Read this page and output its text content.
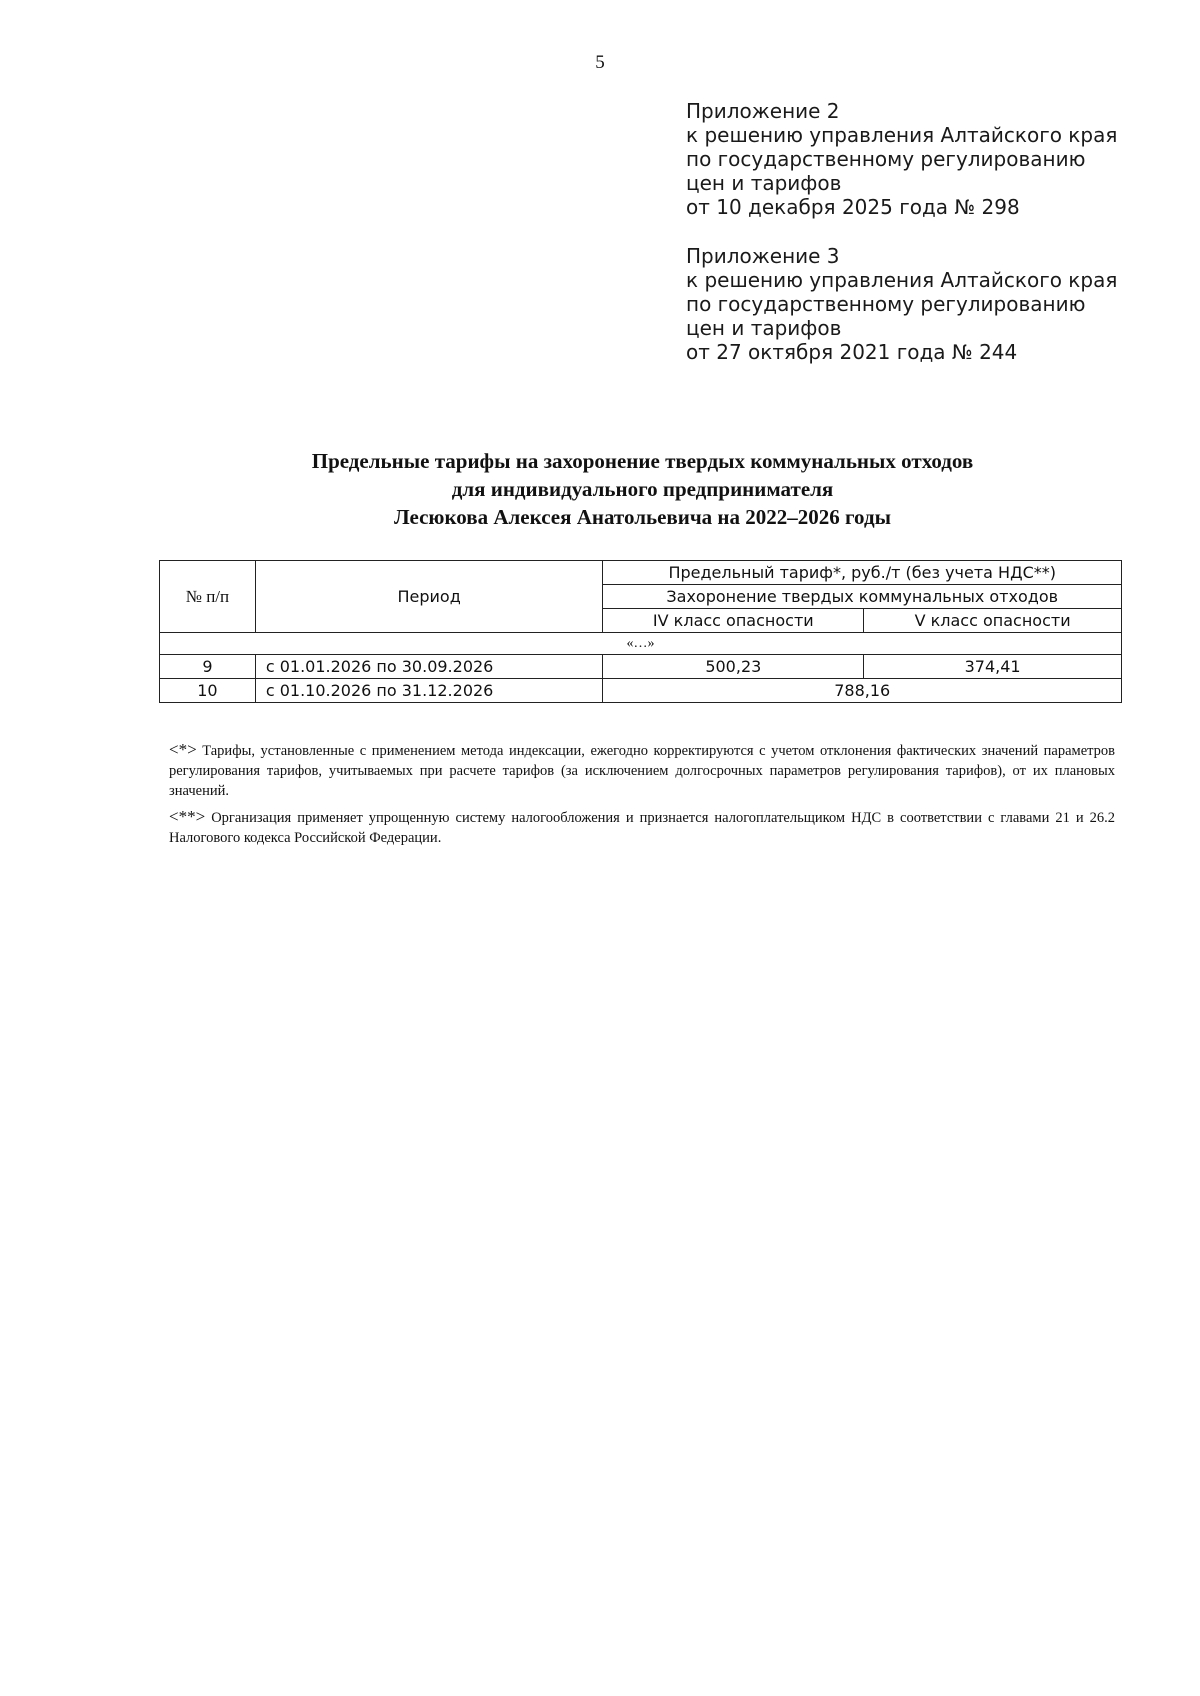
5
Приложение 2
к решению управления Алтайского края
по государственному регулированию
цен и тарифов
от 10 декабря 2025 года № 298
Приложение 3
к решению управления Алтайского края
по государственному регулированию
цен и тарифов
от 27 октября 2021 года № 244
Предельные тарифы на захоронение твердых коммунальных отходов
для индивидуального предпринимателя
Лесюкова Алексея Анатольевича на 2022–2026 годы
№ п/п	Период	Предельный тариф*, руб./т (без учета НДС**)	
		Захоронение твердых коммунальных отходов	
		IV класс опасности	V класс опасности
«…»			
9	с 01.01.2026 по 30.09.2026	500,23	374,41
10	с 01.10.2026 по 31.12.2026	788,16	

<*> Тарифы, установленные с применением метода индексации, ежегодно корректируются с учетом отклонения фактических значений параметров регулирования тарифов, учитываемых при расчете тарифов (за исключением долгосрочных параметров регулирования тарифов), от их плановых значений.

<**> Организация применяет упрощенную систему налогообложения и признается налогоплательщиком НДС в соответствии с главами 21 и 26.2 Налогового кодекса Российской Федерации.
